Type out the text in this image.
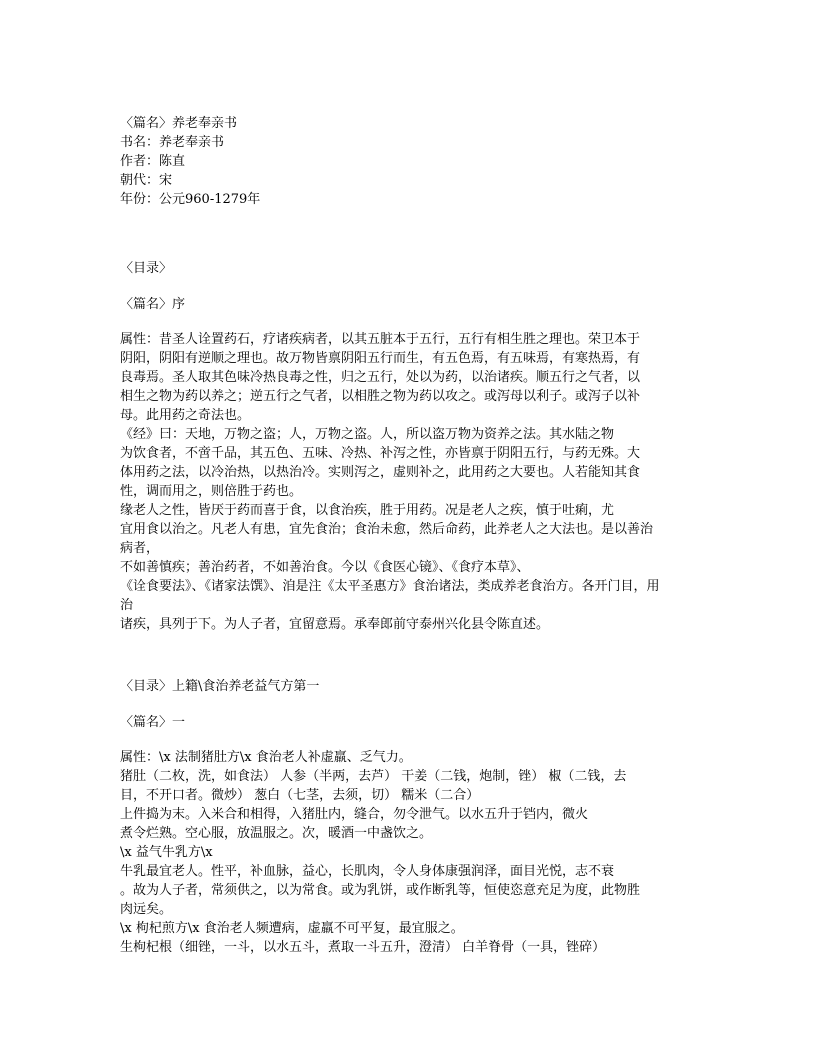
〈篇名〉养老奉亲书
书名：养老奉亲书
作者：陈直
朝代：宋
年份：公元960-1279年
〈目录〉
〈篇名〉序
属性：昔圣人诠置药石，疗诸疾病者，以其五脏本于五行，五行有相生胜之理也。荣卫本于
阴阳，阴阳有逆顺之理也。故万物皆禀阴阳五行而生，有五色焉，有五味焉，有寒热焉，有
良毒焉。圣人取其色味冷热良毒之性，归之五行，处以为药，以治诸疾。顺五行之气者，以
相生之物为药以养之；逆五行之气者，以相胜之物为药以攻之。或泻母以利子。或泻子以补
母。此用药之奇法也。
《经》曰：天地，万物之盗；人，万物之盗。人，所以盗万物为资养之法。其水陆之物
为饮食者，不啻千品，其五色、五味、冷热、补泻之性，亦皆禀于阴阳五行，与药无殊。大
体用药之法，以冷治热，以热治冷。实则泻之，虚则补之，此用药之大要也。人若能知其食
性，调而用之，则倍胜于药也。
缘老人之性，皆厌于药而喜于食，以食治疾，胜于用药。况是老人之疾，慎于吐痢，尤
宜用食以治之。凡老人有患，宜先食治；食治未愈，然后命药，此养老人之大法也。是以善治
病者，
不如善慎疾；善治药者，不如善治食。今以《食医心镜》、《食疗本草》、
《诠食要法》、《诸家法馔》、洎是注《太平圣惠方》食治诸法，类成养老食治方。各开门目，用
治
诸疾，具列于下。为人子者，宜留意焉。承奉郎前守泰州兴化县令陈直述。
〈目录〉上籍\食治养老益气方第一
〈篇名〉一
属性：\x 法制猪肚方\x 食治老人补虚羸、乏气力。
猪肚（二枚，洗，如食法） 人参（半两，去芦） 干姜（二钱，炮制，锉） 椒（二钱，去
目，不开口者。微炒） 葱白（七茎，去须，切） 糯米（二合）
上件捣为末。入米合和相得，入猪肚内，缝合，勿令泄气。以水五升于铛内，微火
煮令烂熟。空心服，放温服之。次，暖酒一中盏饮之。
\x 益气牛乳方\x
牛乳最宜老人。性平，补血脉，益心，长肌肉，令人身体康强润泽，面目光悦，志不衰
。故为人子者，常须供之，以为常食。或为乳饼，或作断乳等，恒使恣意充足为度，此物胜
肉远矣。
\x 枸杞煎方\x 食治老人频遭病，虚羸不可平复，最宜服之。
生枸杞根（细锉，一斗，以水五斗，煮取一斗五升，澄清） 白羊脊骨（一具，锉碎）
